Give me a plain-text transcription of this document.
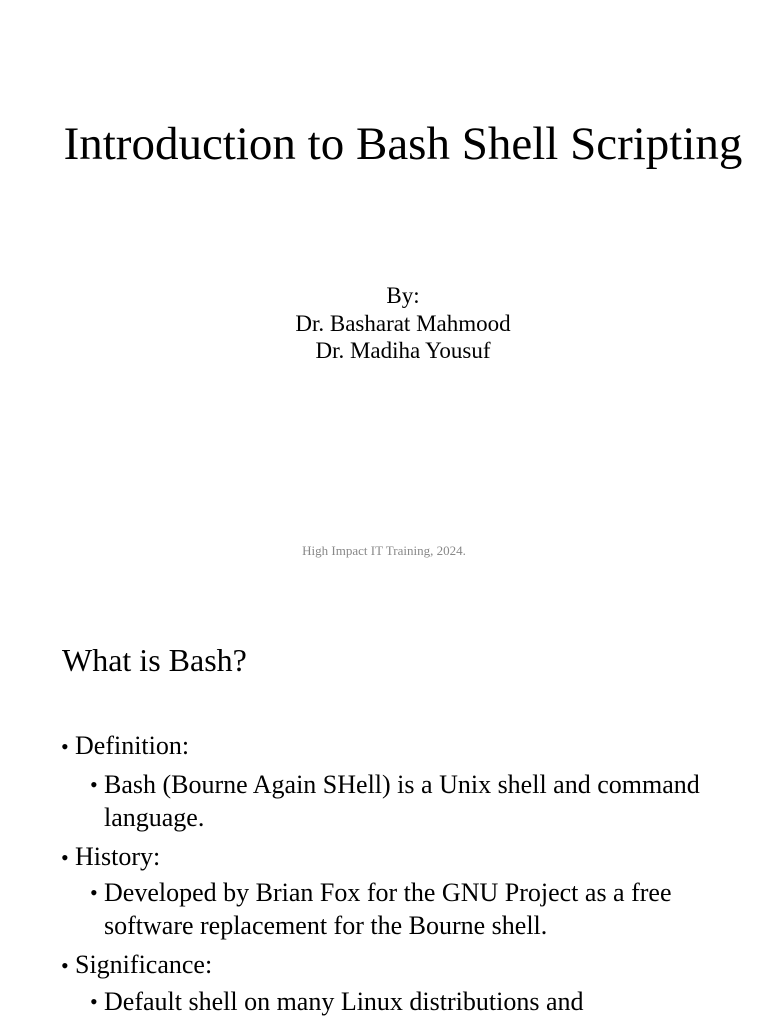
Introduction to Bash Shell Scripting
By:
Dr. Basharat Mahmood
Dr. Madiha Yousuf
High Impact IT Training, 2024.
What is Bash?
• Definition:
• Bash (Bourne Again SHell) is a Unix shell and command language.
• History:
• Developed by Brian Fox for the GNU Project as a free software replacement for the Bourne shell.
• Significance:
• Default shell on many Linux distributions and
